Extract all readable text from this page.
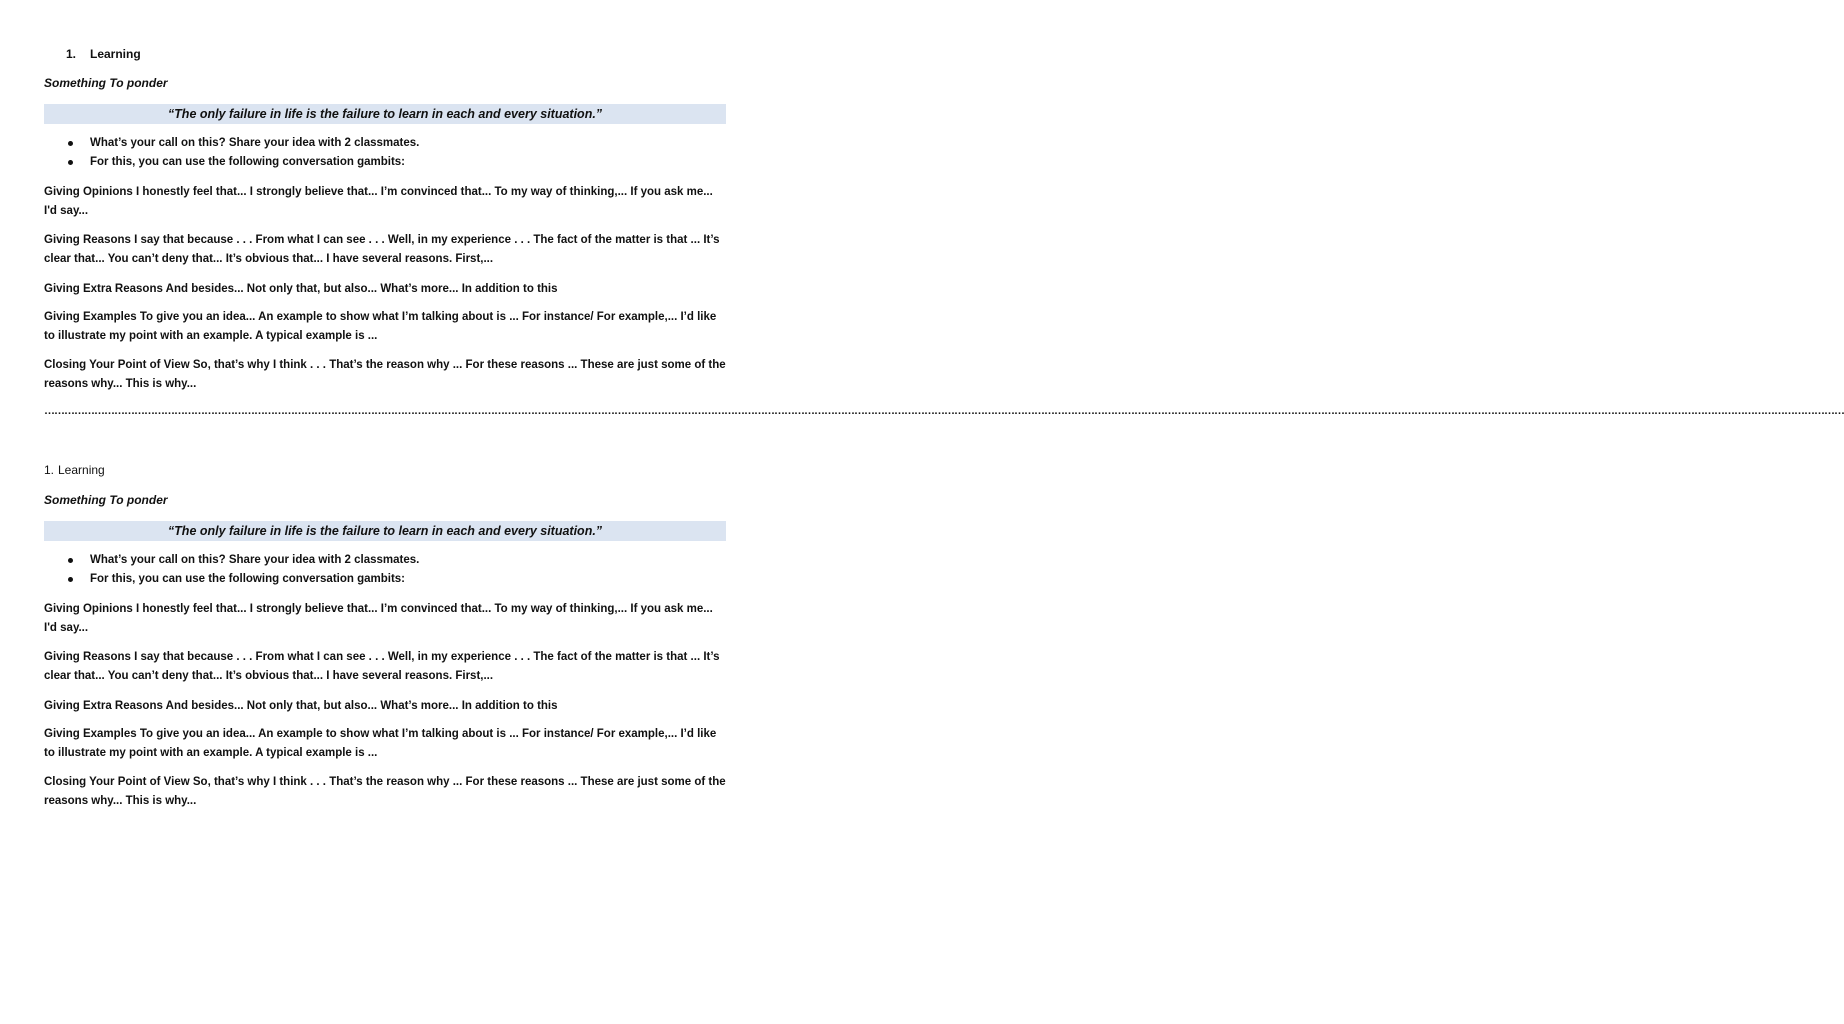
1. Learning
Something To ponder
“The only failure in life is the failure to learn in each and every situation.”
What’s your call on this? Share your idea with 2 classmates.
For this, you can use the following conversation gambits:

Giving Opinions I honestly feel that... I strongly believe that... I’m convinced that... To my way of thinking,... If you ask me... I'd say...

Giving Reasons I say that because . . . From what I can see . . . Well, in my experience . . . The fact of the matter is that ... It’s clear that... You can’t deny that... It’s obvious that... I have several reasons. First,...

Giving Extra Reasons And besides... Not only that, but also... What’s more... In addition to this

Giving Examples To give you an idea... An example to show what I’m talking about is ... For instance/ For example,... I’d like to illustrate my point with an example. A typical example is ...

Closing Your Point of View So, that’s why I think . . . That’s the reason why ... For these reasons ... These are just some of the reasons why... This is why...

………………………………………………………………………………………………………………………………………………………………………………………………………………………………………………………………………………………………………………………………………………………………………………………………………………………………………………………………………………………………
1. Learning
Something To ponder
“The only failure in life is the failure to learn in each and every situation.”
What’s your call on this? Share your idea with 2 classmates.
For this, you can use the following conversation gambits:

Giving Opinions I honestly feel that... I strongly believe that... I’m convinced that... To my way of thinking,... If you ask me... I'd say...

Giving Reasons I say that because . . . From what I can see . . . Well, in my experience . . . The fact of the matter is that ... It’s clear that... You can’t deny that... It’s obvious that... I have several reasons. First,...

Giving Extra Reasons And besides... Not only that, but also... What’s more... In addition to this

Giving Examples To give you an idea... An example to show what I’m talking about is ... For instance/ For example,... I’d like to illustrate my point with an example. A typical example is ...

Closing Your Point of View So, that’s why I think . . . That’s the reason why ... For these reasons ... These are just some of the reasons why... This is why...
